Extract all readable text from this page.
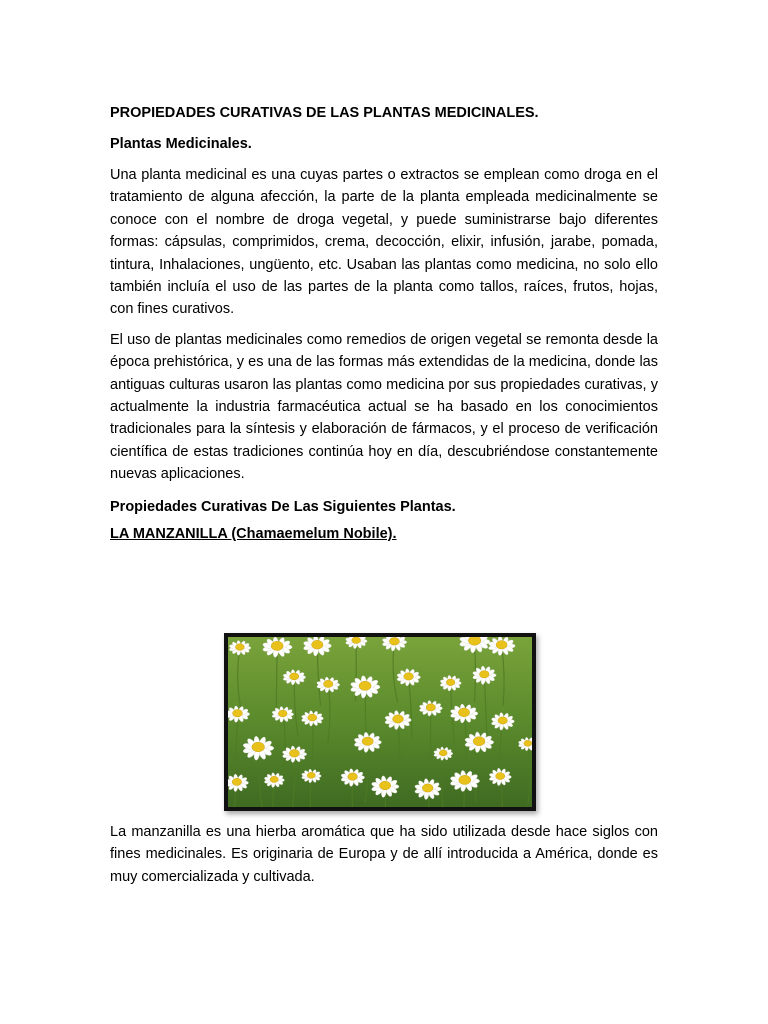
PROPIEDADES CURATIVAS DE LAS PLANTAS MEDICINALES.
Plantas Medicinales.

Una planta medicinal es una cuyas partes o extractos se emplean como droga en el tratamiento de alguna afección, la parte de la planta empleada medicinalmente se conoce con el nombre de droga vegetal, y puede suministrarse bajo diferentes formas: cápsulas, comprimidos, crema, decocción, elixir, infusión, jarabe, pomada, tintura, Inhalaciones, ungüento, etc. Usaban las plantas como medicina, no solo ello también incluía el uso de las partes de la planta como tallos, raíces, frutos, hojas, con fines curativos.

El uso de plantas medicinales como remedios de origen vegetal se remonta desde la época prehistórica, y es una de las formas más extendidas de la medicina, donde las antiguas culturas usaron las plantas como medicina por sus propiedades curativas, y actualmente la industria farmacéutica actual se ha basado en los conocimientos tradicionales para la síntesis y elaboración de fármacos, y el proceso de verificación científica de estas tradiciones continúa hoy en día, descubriéndose constantemente nuevas aplicaciones.

Propiedades Curativas De Las Siguientes Plantas.
LA MANZANILLA (Chamaemelum Nobile).

La manzanilla es una hierba aromática que ha sido utilizada desde hace siglos con fines medicinales. Es originaria de Europa y de allí introducida a América, donde es muy comercializada y cultivada.
